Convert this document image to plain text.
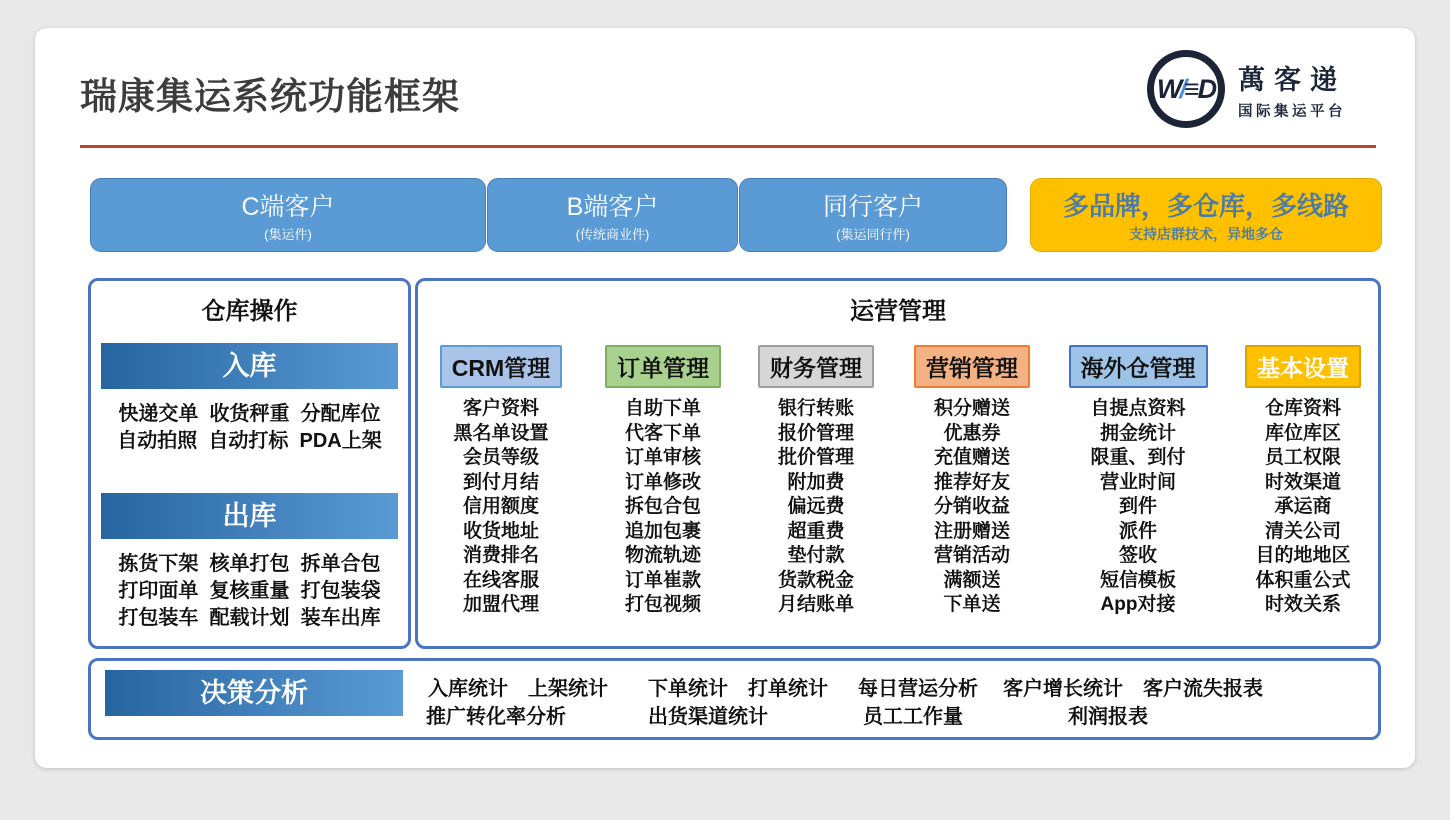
瑞康集运系统功能框架	W / ≡D 萬客递
国际集运平台
C端客户
(集运件)
B端客户
(传统商业件)
同行客户
(集运同行件)
多品牌，多仓库，多线路
支持店群技术，异地多仓
仓库操作
入库
快递交单  收货秤重  分配库位
自动拍照  自动打标  PDA上架
出库
拣货下架  核单打包  拆单合包
打印面单  复核重量  打包装袋
打包装车  配载计划  装车出库
运营管理
CRM管理
客户资料
黑名单设置
会员等级
到付月结
信用额度
收货地址
消费排名
在线客服
加盟代理
订单管理
自助下单
代客下单
订单审核
订单修改
拆包合包
追加包裹
物流轨迹
订单崔款
打包视频
财务管理
银行转账
报价管理
批价管理
附加费
偏远费
超重费
垫付款
货款税金
月结账单
营销管理
积分赠送
优惠券
充值赠送
推荐好友
分销收益
注册赠送
营销活动
满额送
下单送
海外仓管理
自提点资料
拥金统计
限重、到付
营业时间
到件
派件
签收
短信模板
App对接
基本设置
仓库资料
库位库区
员工权限
时效渠道
承运商
清关公司
目的地地区
体积重公式
时效关系
决策分析	入库统计 上架统计 下单统计 打单统计 每日营运分析 客户增长统计 客户流失报表
推广转化率分析	出货渠道统计	员工工作量	利润报表
